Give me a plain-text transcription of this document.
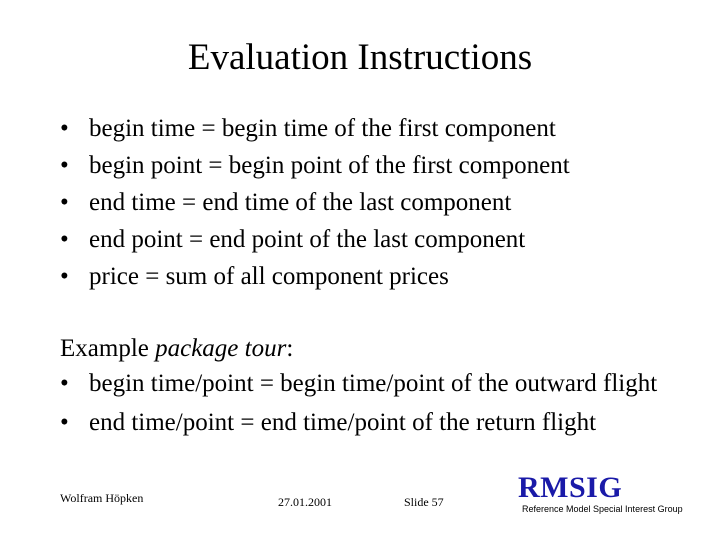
Evaluation Instructions
• begin time = begin time of the first component
• begin point = begin point of the first component
• end time = end time of the last component
• end point = end point of the last component
• price = sum of all component prices
Example package tour:
• begin time/point = begin time/point of the outward flight
• end time/point = end time/point of the return flight
Wolfram Höpken	27.01.2001	Slide 57 RMSIG
Reference Model Special Interest Group
